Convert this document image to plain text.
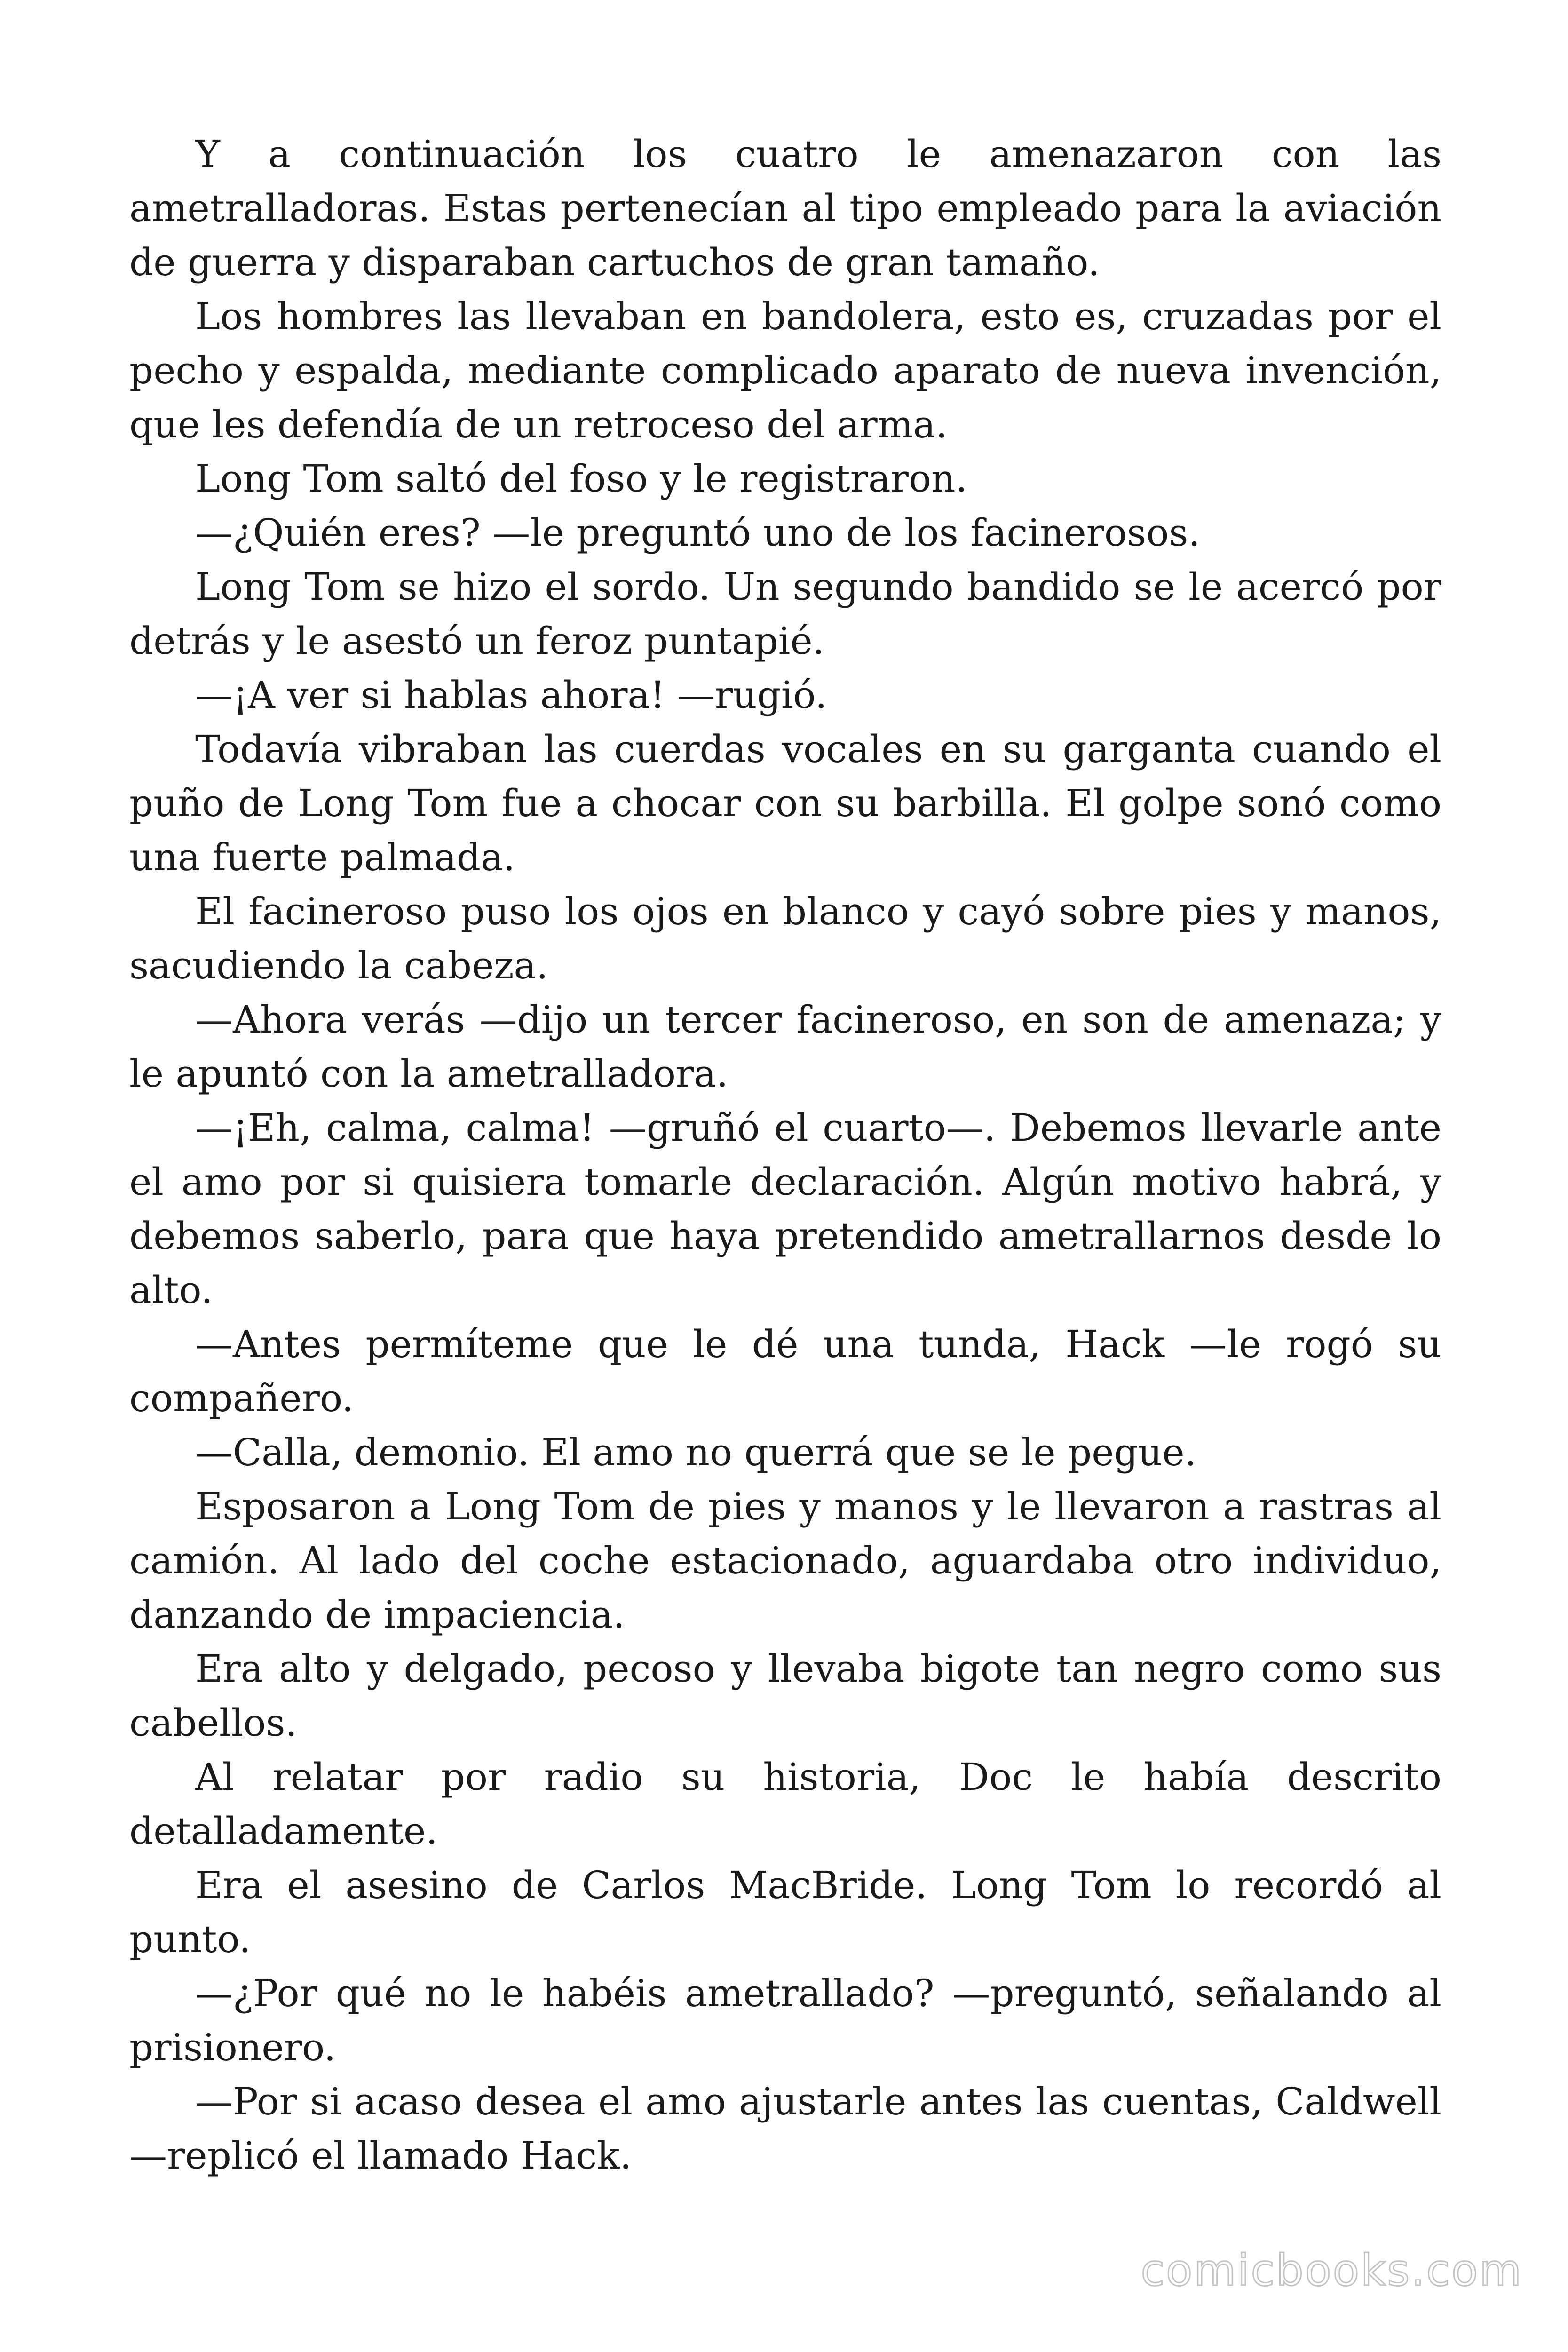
Y a continuación los cuatro le amenazaron con las ametralladoras. Estas pertenecían al tipo empleado para la aviación de guerra y disparaban cartuchos de gran tamaño.

Los hombres las llevaban en bandolera, esto es, cruzadas por el pecho y espalda, mediante complicado aparato de nueva invención, que les defendía de un retroceso del arma.

Long Tom saltó del foso y le registraron.

—¿Quién eres? —le preguntó uno de los facinerosos.

Long Tom se hizo el sordo. Un segundo bandido se le acercó por detrás y le asestó un feroz puntapié.

—¡A ver si hablas ahora! —rugió.

Todavía vibraban las cuerdas vocales en su garganta cuando el puño de Long Tom fue a chocar con su barbilla. El golpe sonó como una fuerte palmada.

El facineroso puso los ojos en blanco y cayó sobre pies y manos, sacudiendo la cabeza.

—Ahora verás —dijo un tercer facineroso, en son de amenaza; y le apuntó con la ametralladora.

—¡Eh, calma, calma! —gruñó el cuarto—. Debemos llevarle ante el amo por si quisiera tomarle declaración. Algún motivo habrá, y debemos saberlo, para que haya pretendido ametrallarnos desde lo alto.

—Antes permíteme que le dé una tunda, Hack —le rogó su compañero.

—Calla, demonio. El amo no querrá que se le pegue.

Esposaron a Long Tom de pies y manos y le llevaron a rastras al camión. Al lado del coche estacionado, aguardaba otro individuo, danzando de impaciencia.

Era alto y delgado, pecoso y llevaba bigote tan negro como sus cabellos.

Al relatar por radio su historia, Doc le había descrito detalladamente.

Era el asesino de Carlos MacBride. Long Tom lo recordó al punto.

—¿Por qué no le habéis ametrallado? —preguntó, señalando al prisionero.

—Por si acaso desea el amo ajustarle antes las cuentas, Caldwell —replicó el llamado Hack.

comicbooks.com
